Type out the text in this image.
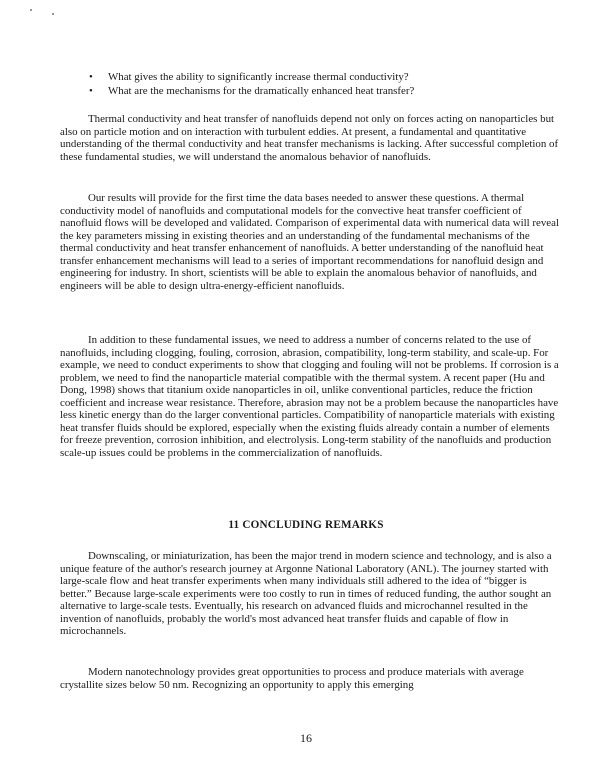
• What gives the ability to significantly increase thermal conductivity?
• What are the mechanisms for the dramatically enhanced heat transfer?

Thermal conductivity and heat transfer of nanofluids depend not only on forces acting on nanoparticles but also on particle motion and on interaction with turbulent eddies. At present, a fundamental and quantitative understanding of the thermal conductivity and heat transfer mechanisms is lacking. After successful completion of these fundamental studies, we will understand the anomalous behavior of nanofluids.

Our results will provide for the first time the data bases needed to answer these questions. A thermal conductivity model of nanofluids and computational models for the convective heat transfer coefficient of nanofluid flows will be developed and validated. Comparison of experimental data with numerical data will reveal the key parameters missing in existing theories and an understanding of the fundamental mechanisms of the thermal conductivity and heat transfer enhancement of nanofluids. A better understanding of the nanofluid heat transfer enhancement mechanisms will lead to a series of important recommendations for nanofluid design and engineering for industry. In short, scientists will be able to explain the anomalous behavior of nanofluids, and engineers will be able to design ultra-energy-efficient nanofluids.

In addition to these fundamental issues, we need to address a number of concerns related to the use of nanofluids, including clogging, fouling, corrosion, abrasion, compatibility, long-term stability, and scale-up. For example, we need to conduct experiments to show that clogging and fouling will not be problems. If corrosion is a problem, we need to find the nanoparticle material compatible with the thermal system. A recent paper (Hu and Dong, 1998) shows that titanium oxide nanoparticles in oil, unlike conventional particles, reduce the friction coefficient and increase wear resistance. Therefore, abrasion may not be a problem because the nanoparticles have less kinetic energy than do the larger conventional particles. Compatibility of nanoparticle materials with existing heat transfer fluids should be explored, especially when the existing fluids already contain a number of elements for freeze prevention, corrosion inhibition, and electrolysis. Long-term stability of the nanofluids and production scale-up issues could be problems in the commercialization of nanofluids.

11 CONCLUDING REMARKS

Downscaling, or miniaturization, has been the major trend in modern science and technology, and is also a unique feature of the author's research journey at Argonne National Laboratory (ANL). The journey started with large-scale flow and heat transfer experiments when many individuals still adhered to the idea of “bigger is better.” Because large-scale experiments were too costly to run in times of reduced funding, the author sought an alternative to large-scale tests. Eventually, his research on advanced fluids and microchannel resulted in the invention of nanofluids, probably the world's most advanced heat transfer fluids and capable of flow in microchannels.

Modern nanotechnology provides great opportunities to process and produce materials with average crystallite sizes below 50 nm. Recognizing an opportunity to apply this emerging

16
